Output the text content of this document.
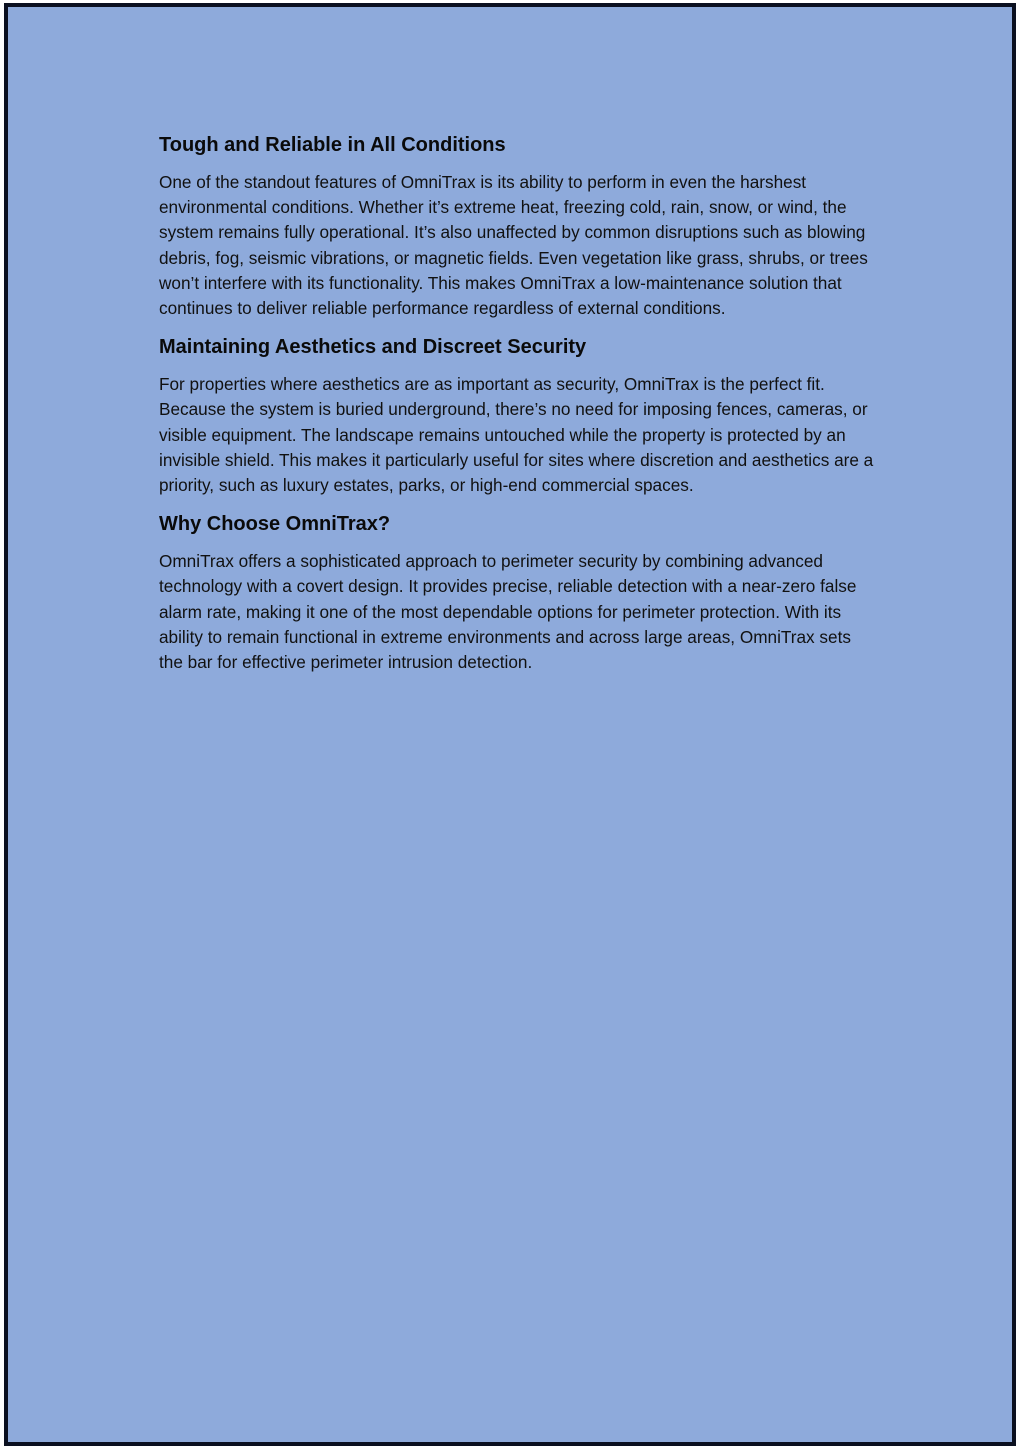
Tough and Reliable in All Conditions

One of the standout features of OmniTrax is its ability to perform in even the harshest environmental conditions. Whether it’s extreme heat, freezing cold, rain, snow, or wind, the system remains fully operational. It’s also unaffected by common disruptions such as blowing debris, fog, seismic vibrations, or magnetic fields. Even vegetation like grass, shrubs, or trees won’t interfere with its functionality. This makes OmniTrax a low-maintenance solution that continues to deliver reliable performance regardless of external conditions.

Maintaining Aesthetics and Discreet Security

For properties where aesthetics are as important as security, OmniTrax is the perfect fit. Because the system is buried underground, there’s no need for imposing fences, cameras, or visible equipment. The landscape remains untouched while the property is protected by an invisible shield. This makes it particularly useful for sites where discretion and aesthetics are a priority, such as luxury estates, parks, or high-end commercial spaces.

Why Choose OmniTrax?

OmniTrax offers a sophisticated approach to perimeter security by combining advanced technology with a covert design. It provides precise, reliable detection with a near-zero false alarm rate, making it one of the most dependable options for perimeter protection. With its ability to remain functional in extreme environments and across large areas, OmniTrax sets the bar for effective perimeter intrusion detection.
